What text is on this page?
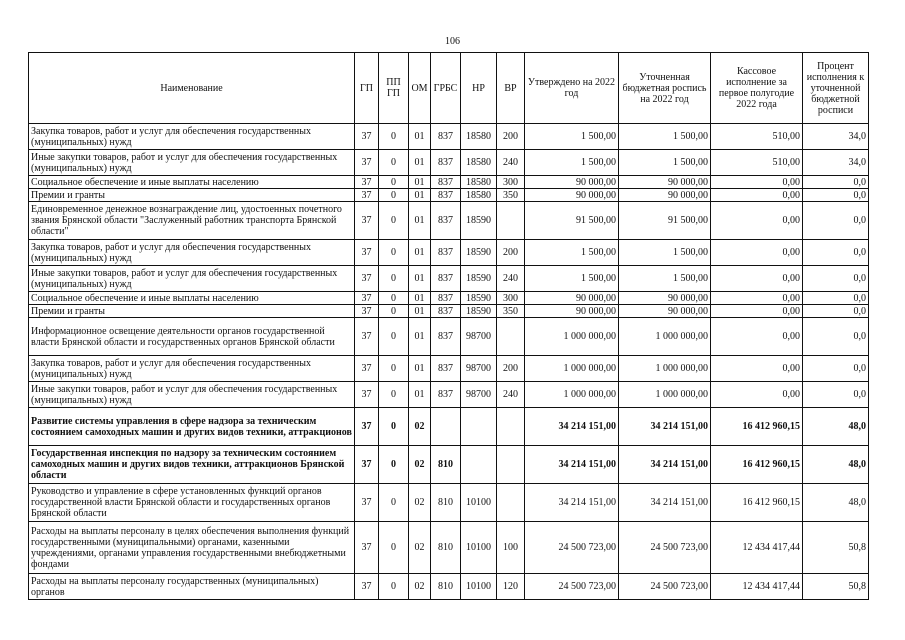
106
Наименование	ГП	ПП ГП	ОМ	ГРБС	НР	ВР	Утверждено на 2022 год	Уточненная бюджетная роспись на 2022 год	Кассовое исполнение за первое полугодие 2022 года	Процент исполнения к уточненной бюджетной росписи
Закупка товаров, работ и услуг для обеспечения государственных (муниципальных) нужд	37	0	01	837	18580	200	1 500,00	1 500,00	510,00	34,0
Иные закупки товаров, работ и услуг для обеспечения государственных (муниципальных) нужд	37	0	01	837	18580	240	1 500,00	1 500,00	510,00	34,0
Социальное обеспечение и иные выплаты населению	37	0	01	837	18580	300	90 000,00	90 000,00	0,00	0,0
Премии и гранты	37	0	01	837	18580	350	90 000,00	90 000,00	0,00	0,0
Единовременное денежное вознаграждение лиц, удостоенных почетного звания Брянской области "Заслуженный работник транспорта Брянской области"	37	0	01	837	18590		91 500,00	91 500,00	0,00	0,0
Закупка товаров, работ и услуг для обеспечения государственных (муниципальных) нужд	37	0	01	837	18590	200	1 500,00	1 500,00	0,00	0,0
Иные закупки товаров, работ и услуг для обеспечения государственных (муниципальных) нужд	37	0	01	837	18590	240	1 500,00	1 500,00	0,00	0,0
Социальное обеспечение и иные выплаты населению	37	0	01	837	18590	300	90 000,00	90 000,00	0,00	0,0
Премии и гранты	37	0	01	837	18590	350	90 000,00	90 000,00	0,00	0,0
Информационное освещение деятельности органов государственной власти Брянской области и государственных органов Брянской области	37	0	01	837	98700		1 000 000,00	1 000 000,00	0,00	0,0
Закупка товаров, работ и услуг для обеспечения государственных (муниципальных) нужд	37	0	01	837	98700	200	1 000 000,00	1 000 000,00	0,00	0,0
Иные закупки товаров, работ и услуг для обеспечения государственных (муниципальных) нужд	37	0	01	837	98700	240	1 000 000,00	1 000 000,00	0,00	0,0
Развитие системы управления в сфере надзора за техническим состоянием самоходных машин и других видов техники, аттракционов	37	0	02				34 214 151,00	34 214 151,00	16 412 960,15	48,0
Государственная инспекция по надзору за техническим состоянием самоходных машин и других видов техники, аттракционов Брянской области	37	0	02	810			34 214 151,00	34 214 151,00	16 412 960,15	48,0
Руководство и управление в сфере установленных функций органов государственной власти Брянской области и государственных органов Брянской области	37	0	02	810	10100		34 214 151,00	34 214 151,00	16 412 960,15	48,0
Расходы на выплаты персоналу в целях обеспечения выполнения функций государственными (муниципальными) органами, казенными учреждениями, органами управления государственными внебюджетными фондами	37	0	02	810	10100	100	24 500 723,00	24 500 723,00	12 434 417,44	50,8
Расходы на выплаты персоналу государственных (муниципальных) органов	37	0	02	810	10100	120	24 500 723,00	24 500 723,00	12 434 417,44	50,8
